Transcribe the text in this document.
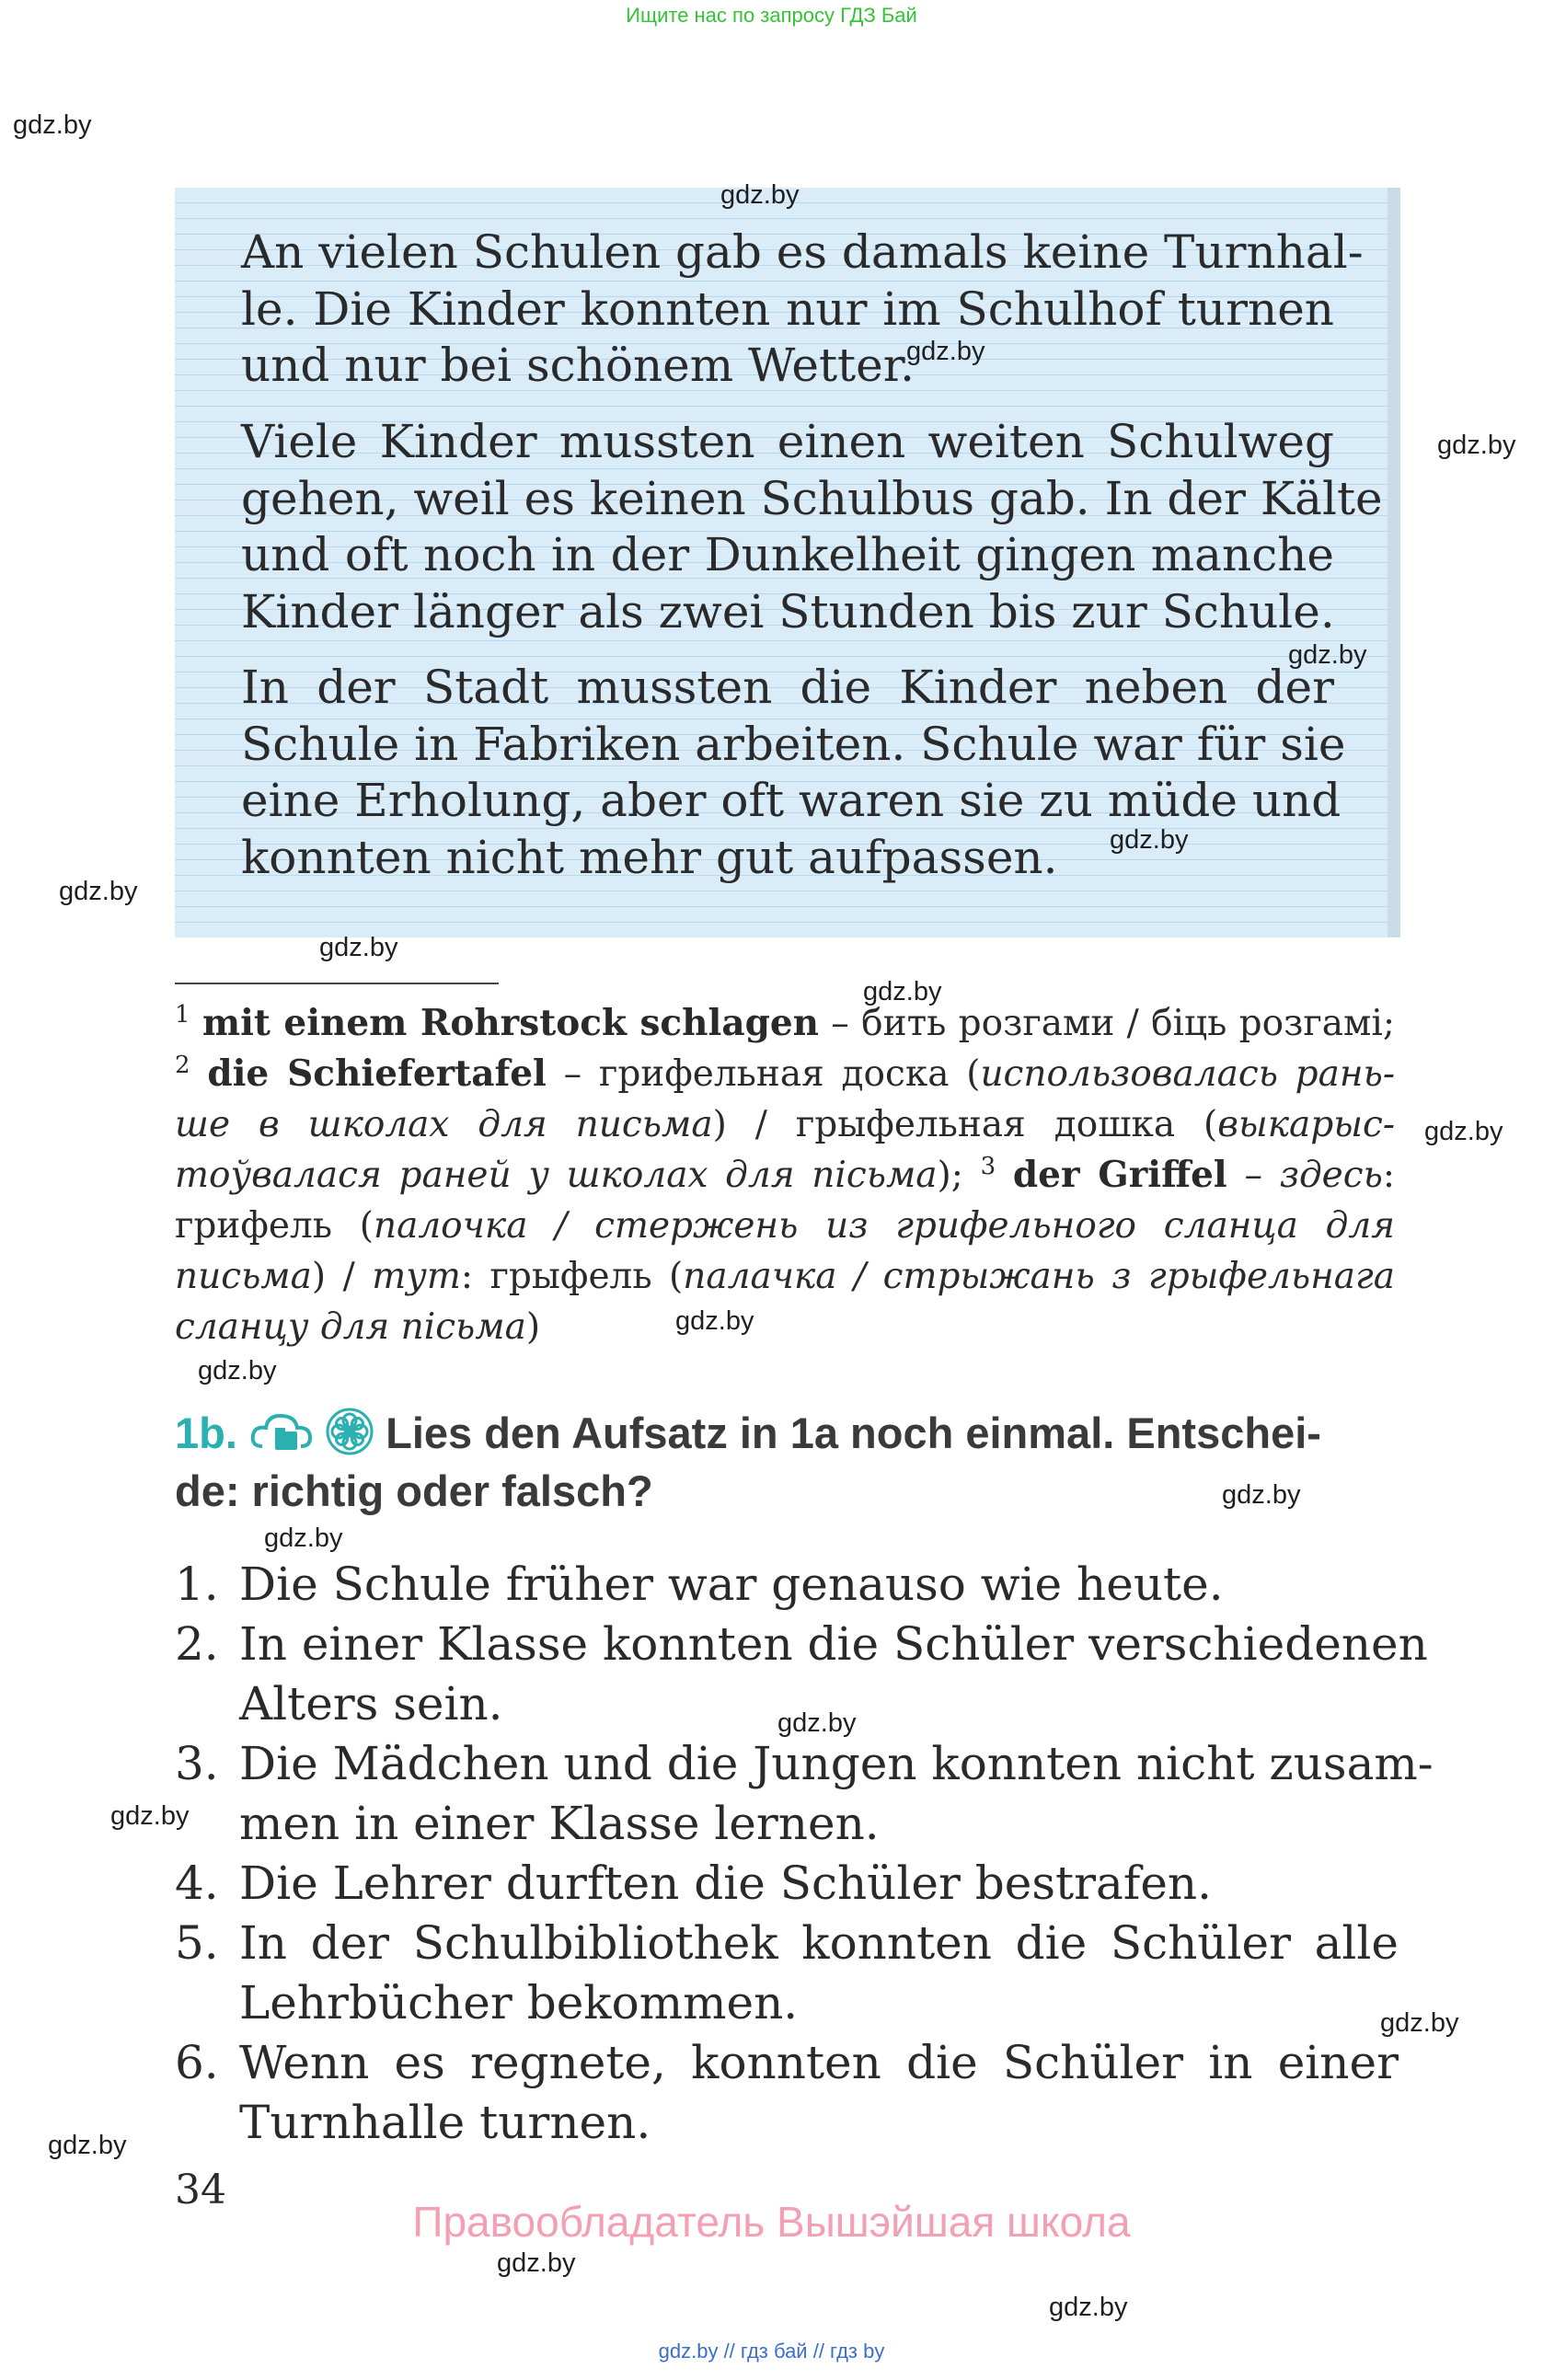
Ищите нас по запросу ГДЗ Бай
An vielen Schulen gab es damals keine Turnhal-
le. Die Kinder konnten nur im Schulhof turnen
und nur bei schönem Wetter.
Viele Kinder mussten einen weiten Schulweg
gehen, weil es keinen Schulbus gab. In der Kälte
und oft noch in der Dunkelheit gingen manche
Kinder länger als zwei Stunden bis zur Schule.
In der Stadt mussten die Kinder neben der
Schule in Fabriken arbeiten. Schule war für sie
eine Erholung, aber oft waren sie zu müde und
konnten nicht mehr gut aufpassen.
$^1$ mit einem Rohrstock schlagen – бить розгами / біць розгамі;
$^2$ die Schiefertafel – грифельная доска (использовалась рань-
ше в школах для письма) / грыфельная дошка (выкарыс-
тоўвалася раней у школах для пісьма); $^3$ der Griffel – здесь:
грифель (палочка / стержень из грифельного сланца для
письма) / тут: грыфель (палачка / стрыжань з грыфельнага
сланцу для пісьма)
1b.	Lies den Aufsatz in 1a noch einmal. Entschei-
de: richtig oder falsch?
1. Die Schule früher war genauso wie heute.
2. In einer Klasse konnten die Schüler verschiedenen
Alters sein.
3. Die Mädchen und die Jungen konnten nicht zusam-
men in einer Klasse lernen.
4. Die Lehrer durften die Schüler bestrafen.
5. In der Schulbibliothek konnten die Schüler alle
Lehrbücher bekommen.
6. Wenn es regnete, konnten die Schüler in einer
Turnhalle turnen.
34
Правообладатель Вышэйшая школа
gdz.by // гдз бай // гдз by
gdz.by
gdz.by
gdz.by
gdz.by
gdz.by
gdz.by
gdz.by
gdz.by
gdz.by
gdz.by
gdz.by
gdz.by
gdz.by
gdz.by
gdz.by
gdz.by
gdz.by
gdz.by
gdz.by
gdz.by
